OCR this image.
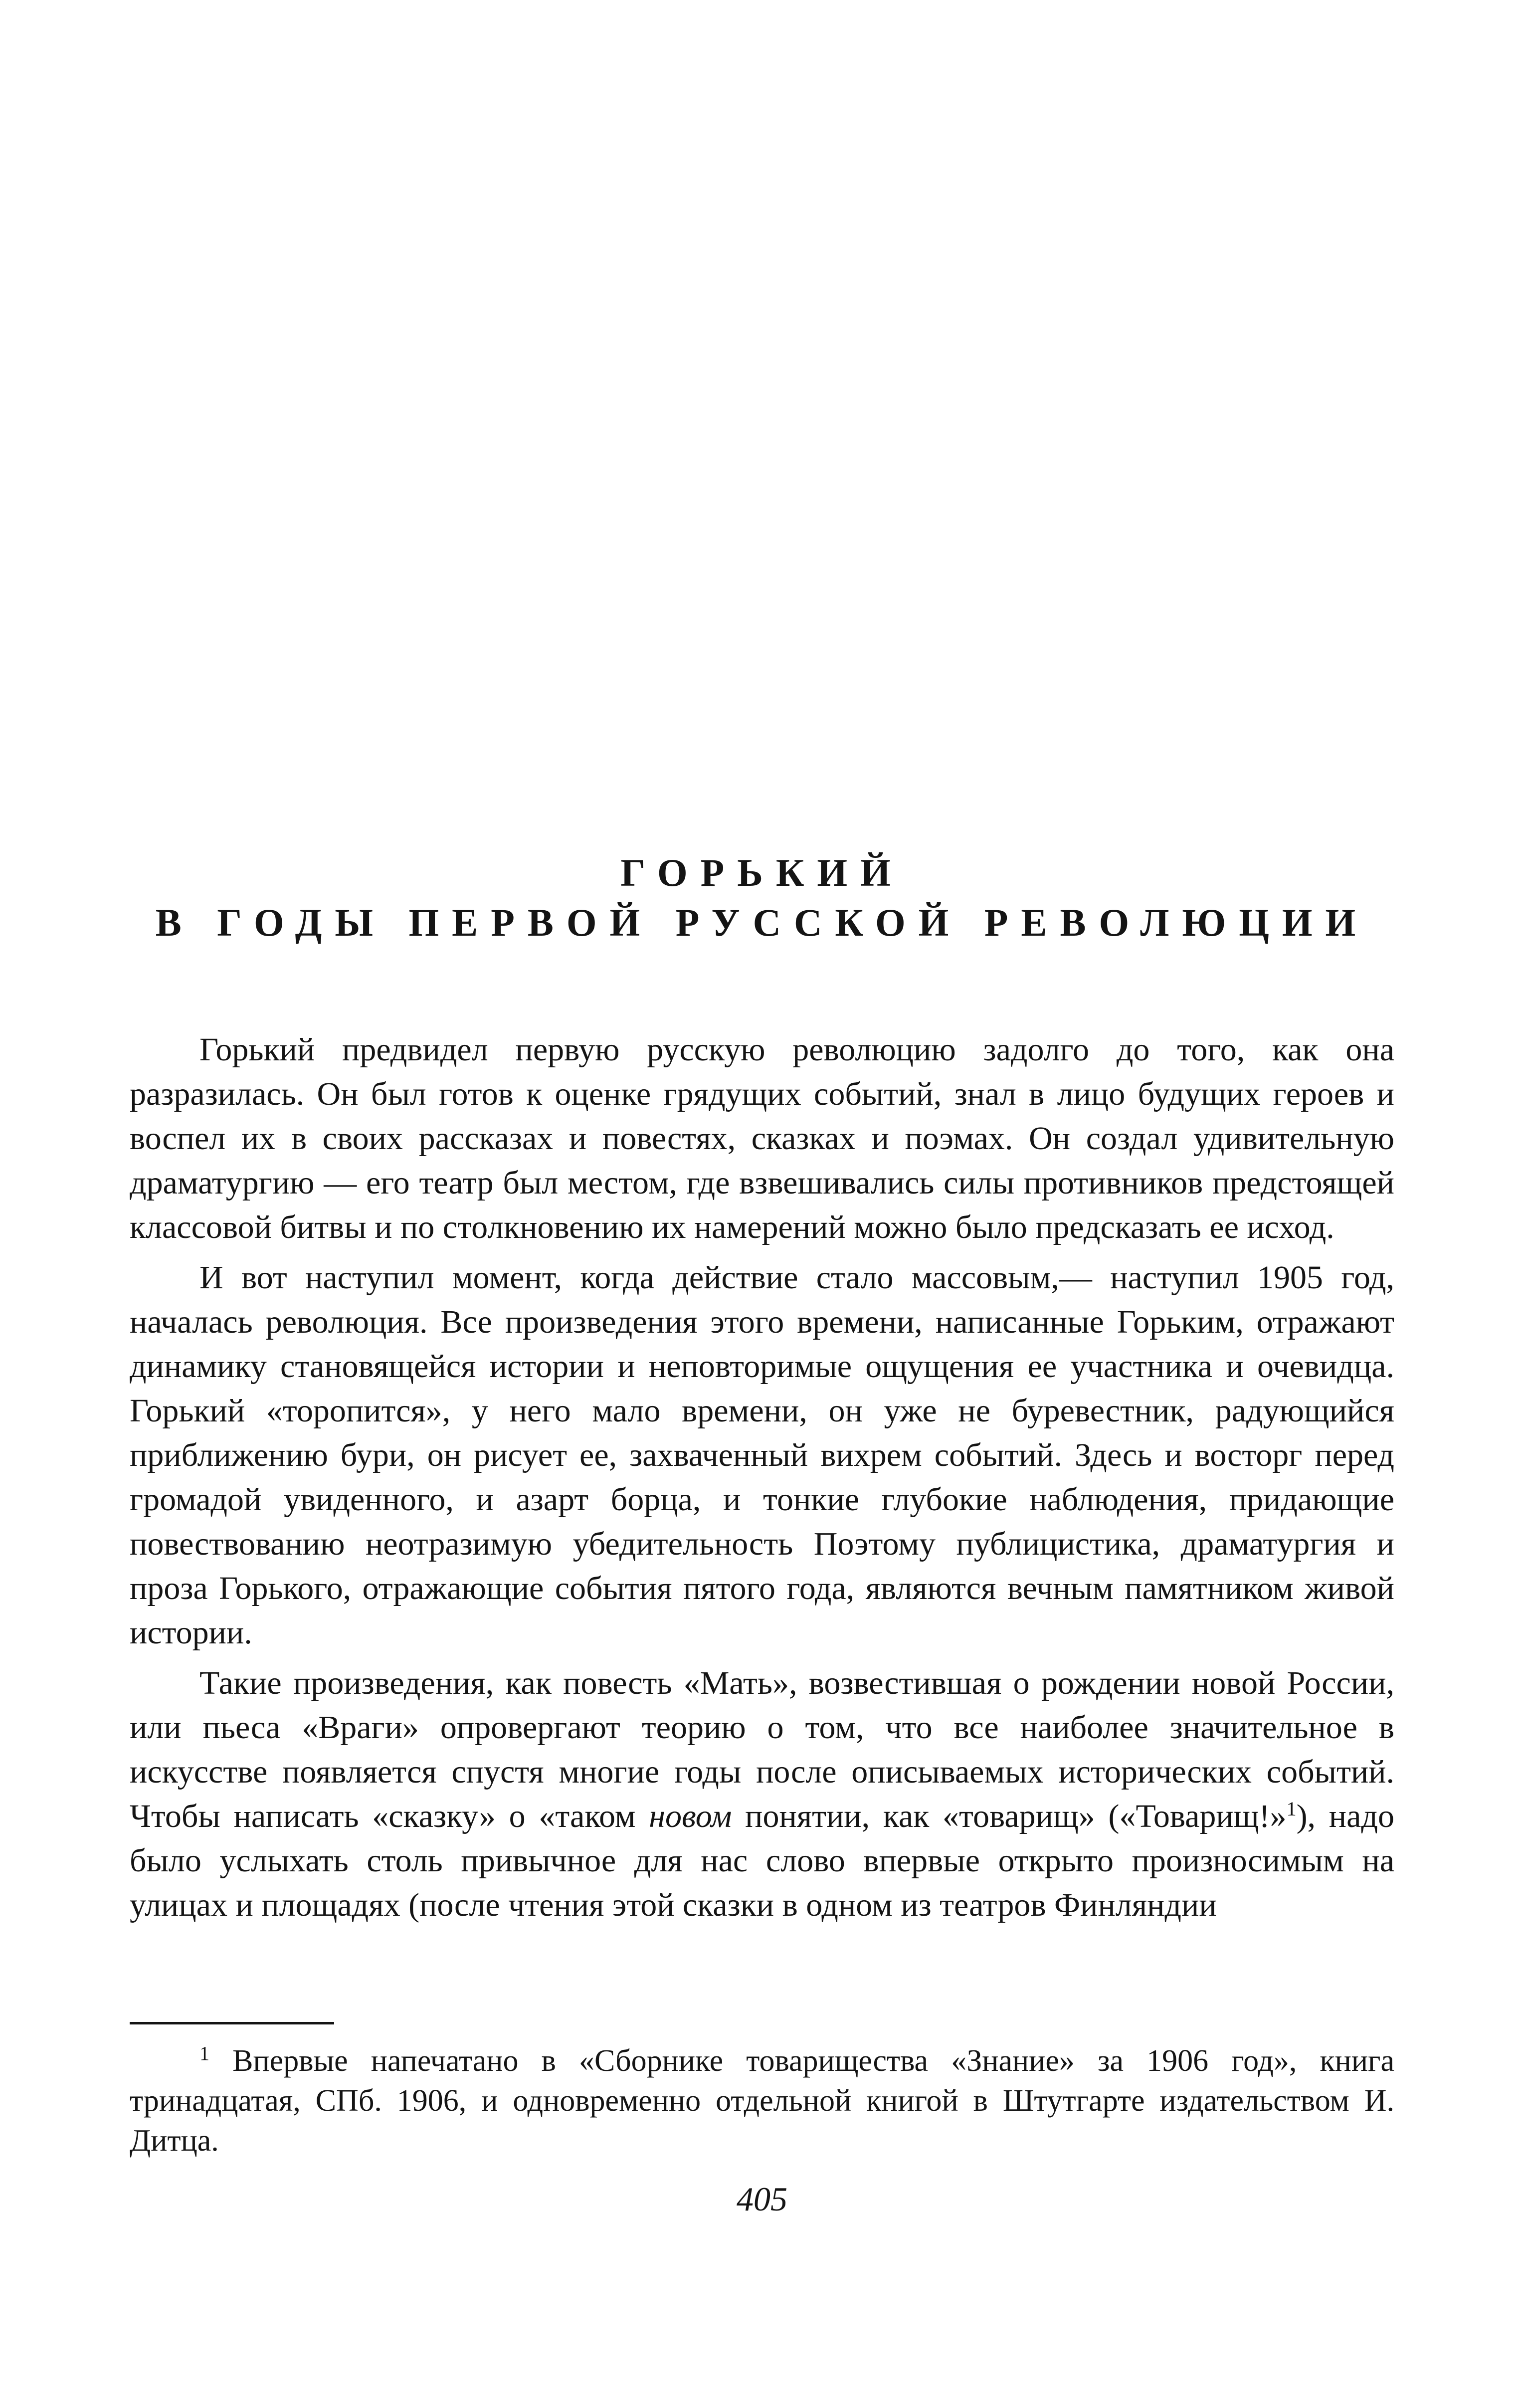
ГОРЬКИЙ
В ГОДЫ ПЕРВОЙ РУССКОЙ РЕВОЛЮЦИИ

Горький предвидел первую русскую революцию задолго до того, как она разразилась. Он был готов к оценке грядущих событий, знал в лицо будущих героев и воспел их в своих рассказах и повестях, сказках и поэмах. Он создал удивительную драматургию — его театр был местом, где взвешивались силы противников предстоящей классовой битвы и по столкновению их намерений можно было предсказать ее исход.

И вот наступил момент, когда действие стало массовым,— наступил 1905 год, началась революция. Все произведения этого времени, написанные Горьким, отражают динамику становящейся истории и неповторимые ощущения ее участника и очевидца. Горький «торопится», у него мало времени, он уже не буревестник, радующийся приближению бури, он рисует ее, захваченный вихрем событий. Здесь и восторг перед громадой увиденного, и азарт борца, и тонкие глубокие наблюдения, придающие повествованию неотразимую убедительность Поэтому публицистика, драматургия и проза Горького, отражающие события пятого года, являются вечным памятником живой истории.

Такие произведения, как повесть «Мать», возвестившая о рождении новой России, или пьеса «Враги» опровергают теорию о том, что все наиболее значительное в искусстве появляется спустя многие годы после описываемых исторических событий. Чтобы написать «сказку» о «таком новом понятии, как «товарищ» («Товарищ!»$^1$), надо было услыхать столь привычное для нас слово впервые открыто произносимым на улицах и площадях (после чтения этой сказки в одном из театров Финляндии

$^1$ Впервые напечатано в «Сборнике товарищества «Знание» за 1906 год», книга тринадцатая, СПб. 1906, и одновременно отдельной книгой в Штутгарте издательством И. Дитца.

405
